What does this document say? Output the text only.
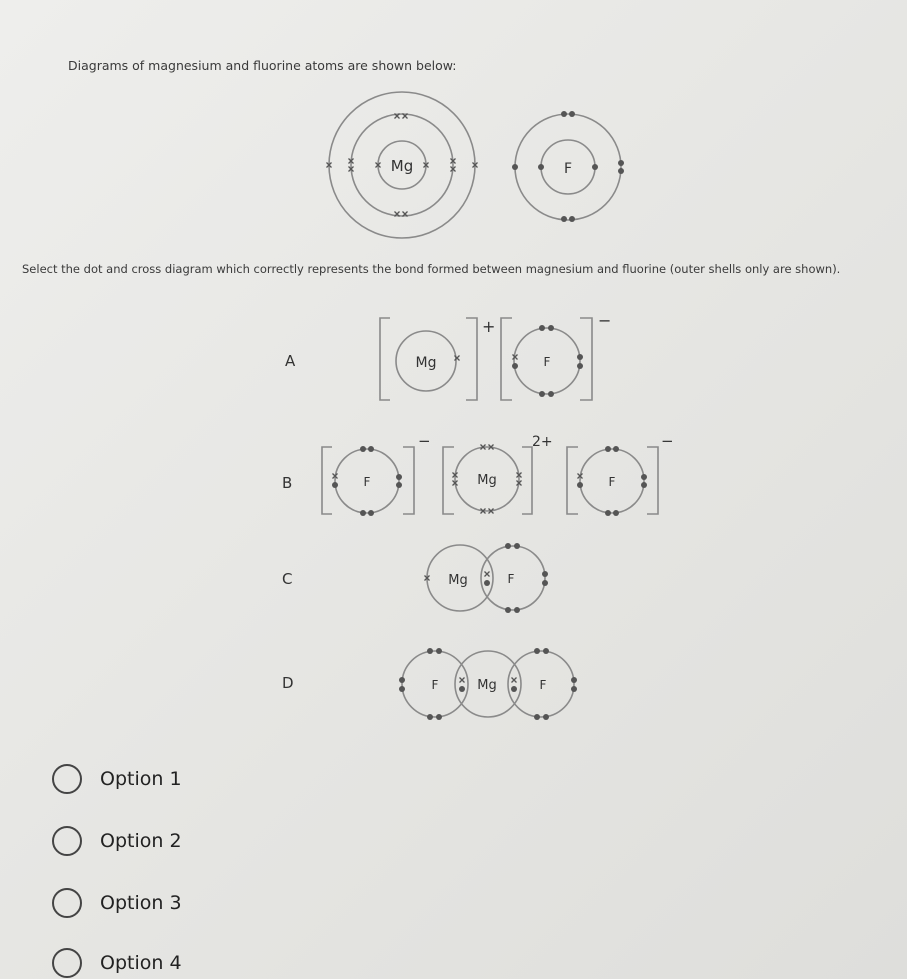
Diagrams of magnesium and fluorine atoms are shown below:
Select the dot and cross diagram which correctly represents the bond formed between magnesium and fluorine (outer shells only are shown).
Mg	F
A	Mg
+
F
−
B	F
−
Mg
2+
F
−
C	Mg	F
D	F	Mg	F
Option 1
Option 2
Option 3
Option 4
